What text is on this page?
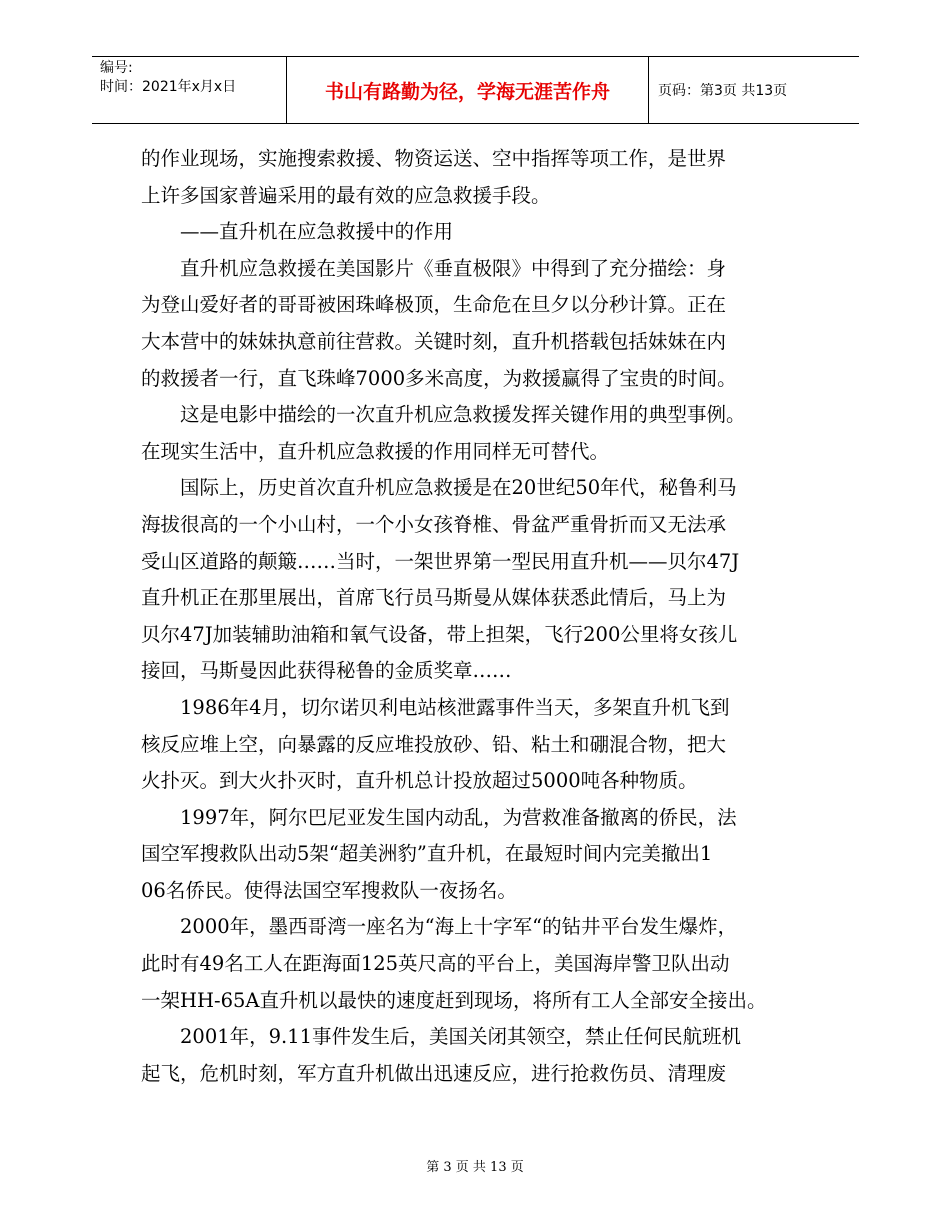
编号:
时间：2021年x月x日	书山有路勤为径，学海无涯苦作舟	页码：第3页 共13页
的作业现场，实施搜索救援、物资运送、空中指挥等项工作，是世界
上许多国家普遍采用的最有效的应急救援手段。
——直升机在应急救援中的作用
直升机应急救援在美国影片《垂直极限》中得到了充分描绘：身
为登山爱好者的哥哥被困珠峰极顶，生命危在旦夕以分秒计算。正在
大本营中的妹妹执意前往营救。关键时刻，直升机搭载包括妹妹在内
的救援者一行，直飞珠峰7000多米高度，为救援赢得了宝贵的时间。
这是电影中描绘的一次直升机应急救援发挥关键作用的典型事例。
在现实生活中，直升机应急救援的作用同样无可替代。
国际上，历史首次直升机应急救援是在20世纪50年代，秘鲁利马
海拔很高的一个小山村，一个小女孩脊椎、骨盆严重骨折而又无法承
受山区道路的颠簸……当时，一架世界第一型民用直升机——贝尔47J
直升机正在那里展出，首席飞行员马斯曼从媒体获悉此情后，马上为
贝尔47J加装辅助油箱和氧气设备，带上担架，飞行200公里将女孩儿
接回，马斯曼因此获得秘鲁的金质奖章……
1986年4月，切尔诺贝利电站核泄露事件当天，多架直升机飞到
核反应堆上空，向暴露的反应堆投放砂、铅、粘土和硼混合物，把大
火扑灭。到大火扑灭时，直升机总计投放超过5000吨各种物质。
1997年，阿尔巴尼亚发生国内动乱，为营救准备撤离的侨民，法
国空军搜救队出动5架“超美洲豹”直升机，在最短时间内完美撤出1
06名侨民。使得法国空军搜救队一夜扬名。
2000年，墨西哥湾一座名为“海上十字军“的钻井平台发生爆炸，
此时有49名工人在距海面125英尺高的平台上，美国海岸警卫队出动
一架HH-65A直升机以最快的速度赶到现场，将所有工人全部安全接出。
2001年，9.11事件发生后，美国关闭其领空，禁止任何民航班机
起飞，危机时刻，军方直升机做出迅速反应，进行抢救伤员、清理废
第 3 页 共 13 页
